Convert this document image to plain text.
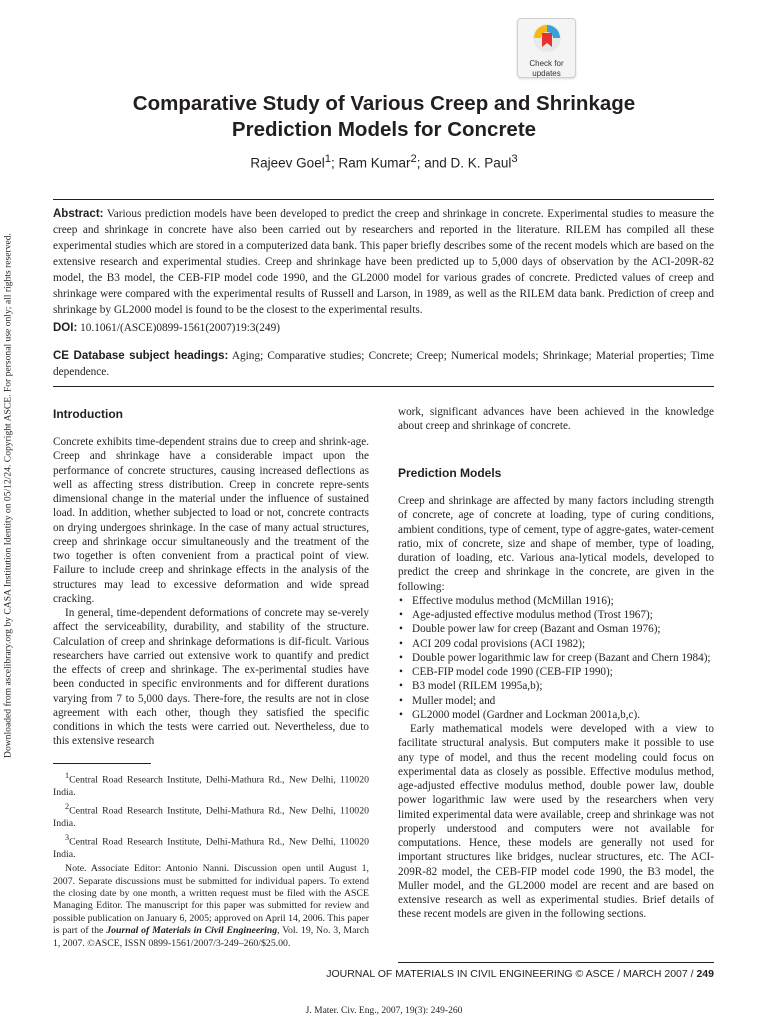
Downloaded from ascelibrary.org by CASA Institution Identity on 05/12/24. Copyright ASCE. For personal use only; all rights reserved.
Check for
updates
Comparative Study of Various Creep and Shrinkage
Prediction Models for Concrete
Rajeev Goel$^1$; Ram Kumar$^2$; and D. K. Paul$^3$

Abstract: Various prediction models have been developed to predict the creep and shrinkage in concrete. Experimental studies to measure the creep and shrinkage in concrete have also been carried out by researchers and reported in the literature. RILEM has compiled all these experimental studies which are stored in a computerized data bank. This paper briefly describes some of the recent models which are based on the extensive research and experimental studies. Creep and shrinkage have been predicted up to 5,000 days of observation by the ACI-209R-82 model, the B3 model, the CEB-FIP model code 1990, and the GL2000 model for various grades of concrete. Predicted values of creep and shrinkage were compared with the experimental results of Russell and Larson, in 1989, as well as the RILEM data bank. Prediction of creep and shrinkage by GL2000 model is found to be the closest to the experimental results.

DOI: 10.1061/(ASCE)0899-1561(2007)19:3(249)

CE Database subject headings: Aging; Comparative studies; Concrete; Creep; Numerical models; Shrinkage; Material properties; Time dependence.

Introduction

Concrete exhibits time-dependent strains due to creep and shrink-age. Creep and shrinkage have a considerable impact upon the performance of concrete structures, causing increased deflections as well as affecting stress distribution. Creep in concrete repre-sents dimensional change in the material under the influence of sustained load. In addition, whether subjected to load or not, concrete contracts on drying undergoes shrinkage. In the case of many actual structures, creep and shrinkage occur simultaneously and the treatment of the two together is often convenient from a practical point of view. Failure to include creep and shrinkage effects in the analysis of the structures may lead to excessive deformation and wide spread cracking.

In general, time-dependent deformations of concrete may se-verely affect the serviceability, durability, and stability of the structure. Calculation of creep and shrinkage deformations is dif-ficult. Various researchers have carried out extensive work to quantify and predict the effects of creep and shrinkage. The ex-perimental studies have been conducted in specific environments and for different durations varying from 7 to 5,000 days. There-fore, the results are not in close agreement with each other, though they satisfied the specific conditions in which the tests were carried out. Nevertheless, due to this extensive research

$^1$Central Road Research Institute, Delhi-Mathura Rd., New Delhi, 110020 India.

$^2$Central Road Research Institute, Delhi-Mathura Rd., New Delhi, 110020 India.

$^3$Central Road Research Institute, Delhi-Mathura Rd., New Delhi, 110020 India.

Note. Associate Editor: Antonio Nanni. Discussion open until August 1, 2007. Separate discussions must be submitted for individual papers. To extend the closing date by one month, a written request must be filed with the ASCE Managing Editor. The manuscript for this paper was submitted for review and possible publication on January 6, 2005; approved on April 14, 2006. This paper is part of the Journal of Materials in Civil Engineering, Vol. 19, No. 3, March 1, 2007. ©ASCE, ISSN 0899-1561/2007/3-249–260/$25.00.

work, significant advances have been achieved in the knowledge about creep and shrinkage of concrete.

Prediction Models

Creep and shrinkage are affected by many factors including strength of concrete, age of concrete at loading, type of curing conditions, ambient conditions, type of cement, type of aggre-gates, water-cement ratio, mix of concrete, size and shape of member, type of loading, duration of loading, etc. Various ana-lytical models, developed to predict the creep and shrinkage in the concrete, are given in the following:

• Effective modulus method (McMillan 1916);
• Age-adjusted effective modulus method (Trost 1967);
• Double power law for creep (Bazant and Osman 1976);
• ACI 209 codal provisions (ACI 1982);
• Double power logarithmic law for creep (Bazant and Chern 1984);
• CEB-FIP model code 1990 (CEB-FIP 1990);
• B3 model (RILEM 1995a,b);
• Muller model; and
• GL2000 model (Gardner and Lockman 2001a,b,c).

Early mathematical models were developed with a view to facilitate structural analysis. But computers make it possible to use any type of model, and thus the recent modeling could focus on experimental data as closely as possible. Effective modulus method, age-adjusted effective modulus method, double power law, double power logarithmic law were used by the researchers when very limited experimental data were available, creep and shrinkage was not properly understood and computers were not available for computations. Hence, these models are generally not used for important structures like bridges, nuclear structures, etc. The ACI-209R-82 model, the CEB-FIP model code 1990, the B3 model, the Muller model, and the GL2000 model are recent and are based on extensive research as well as experimental studies. Brief details of these recent models are given in the following sections.

JOURNAL OF MATERIALS IN CIVIL ENGINEERING © ASCE / MARCH 2007 / 249
J. Mater. Civ. Eng., 2007, 19(3): 249-260
